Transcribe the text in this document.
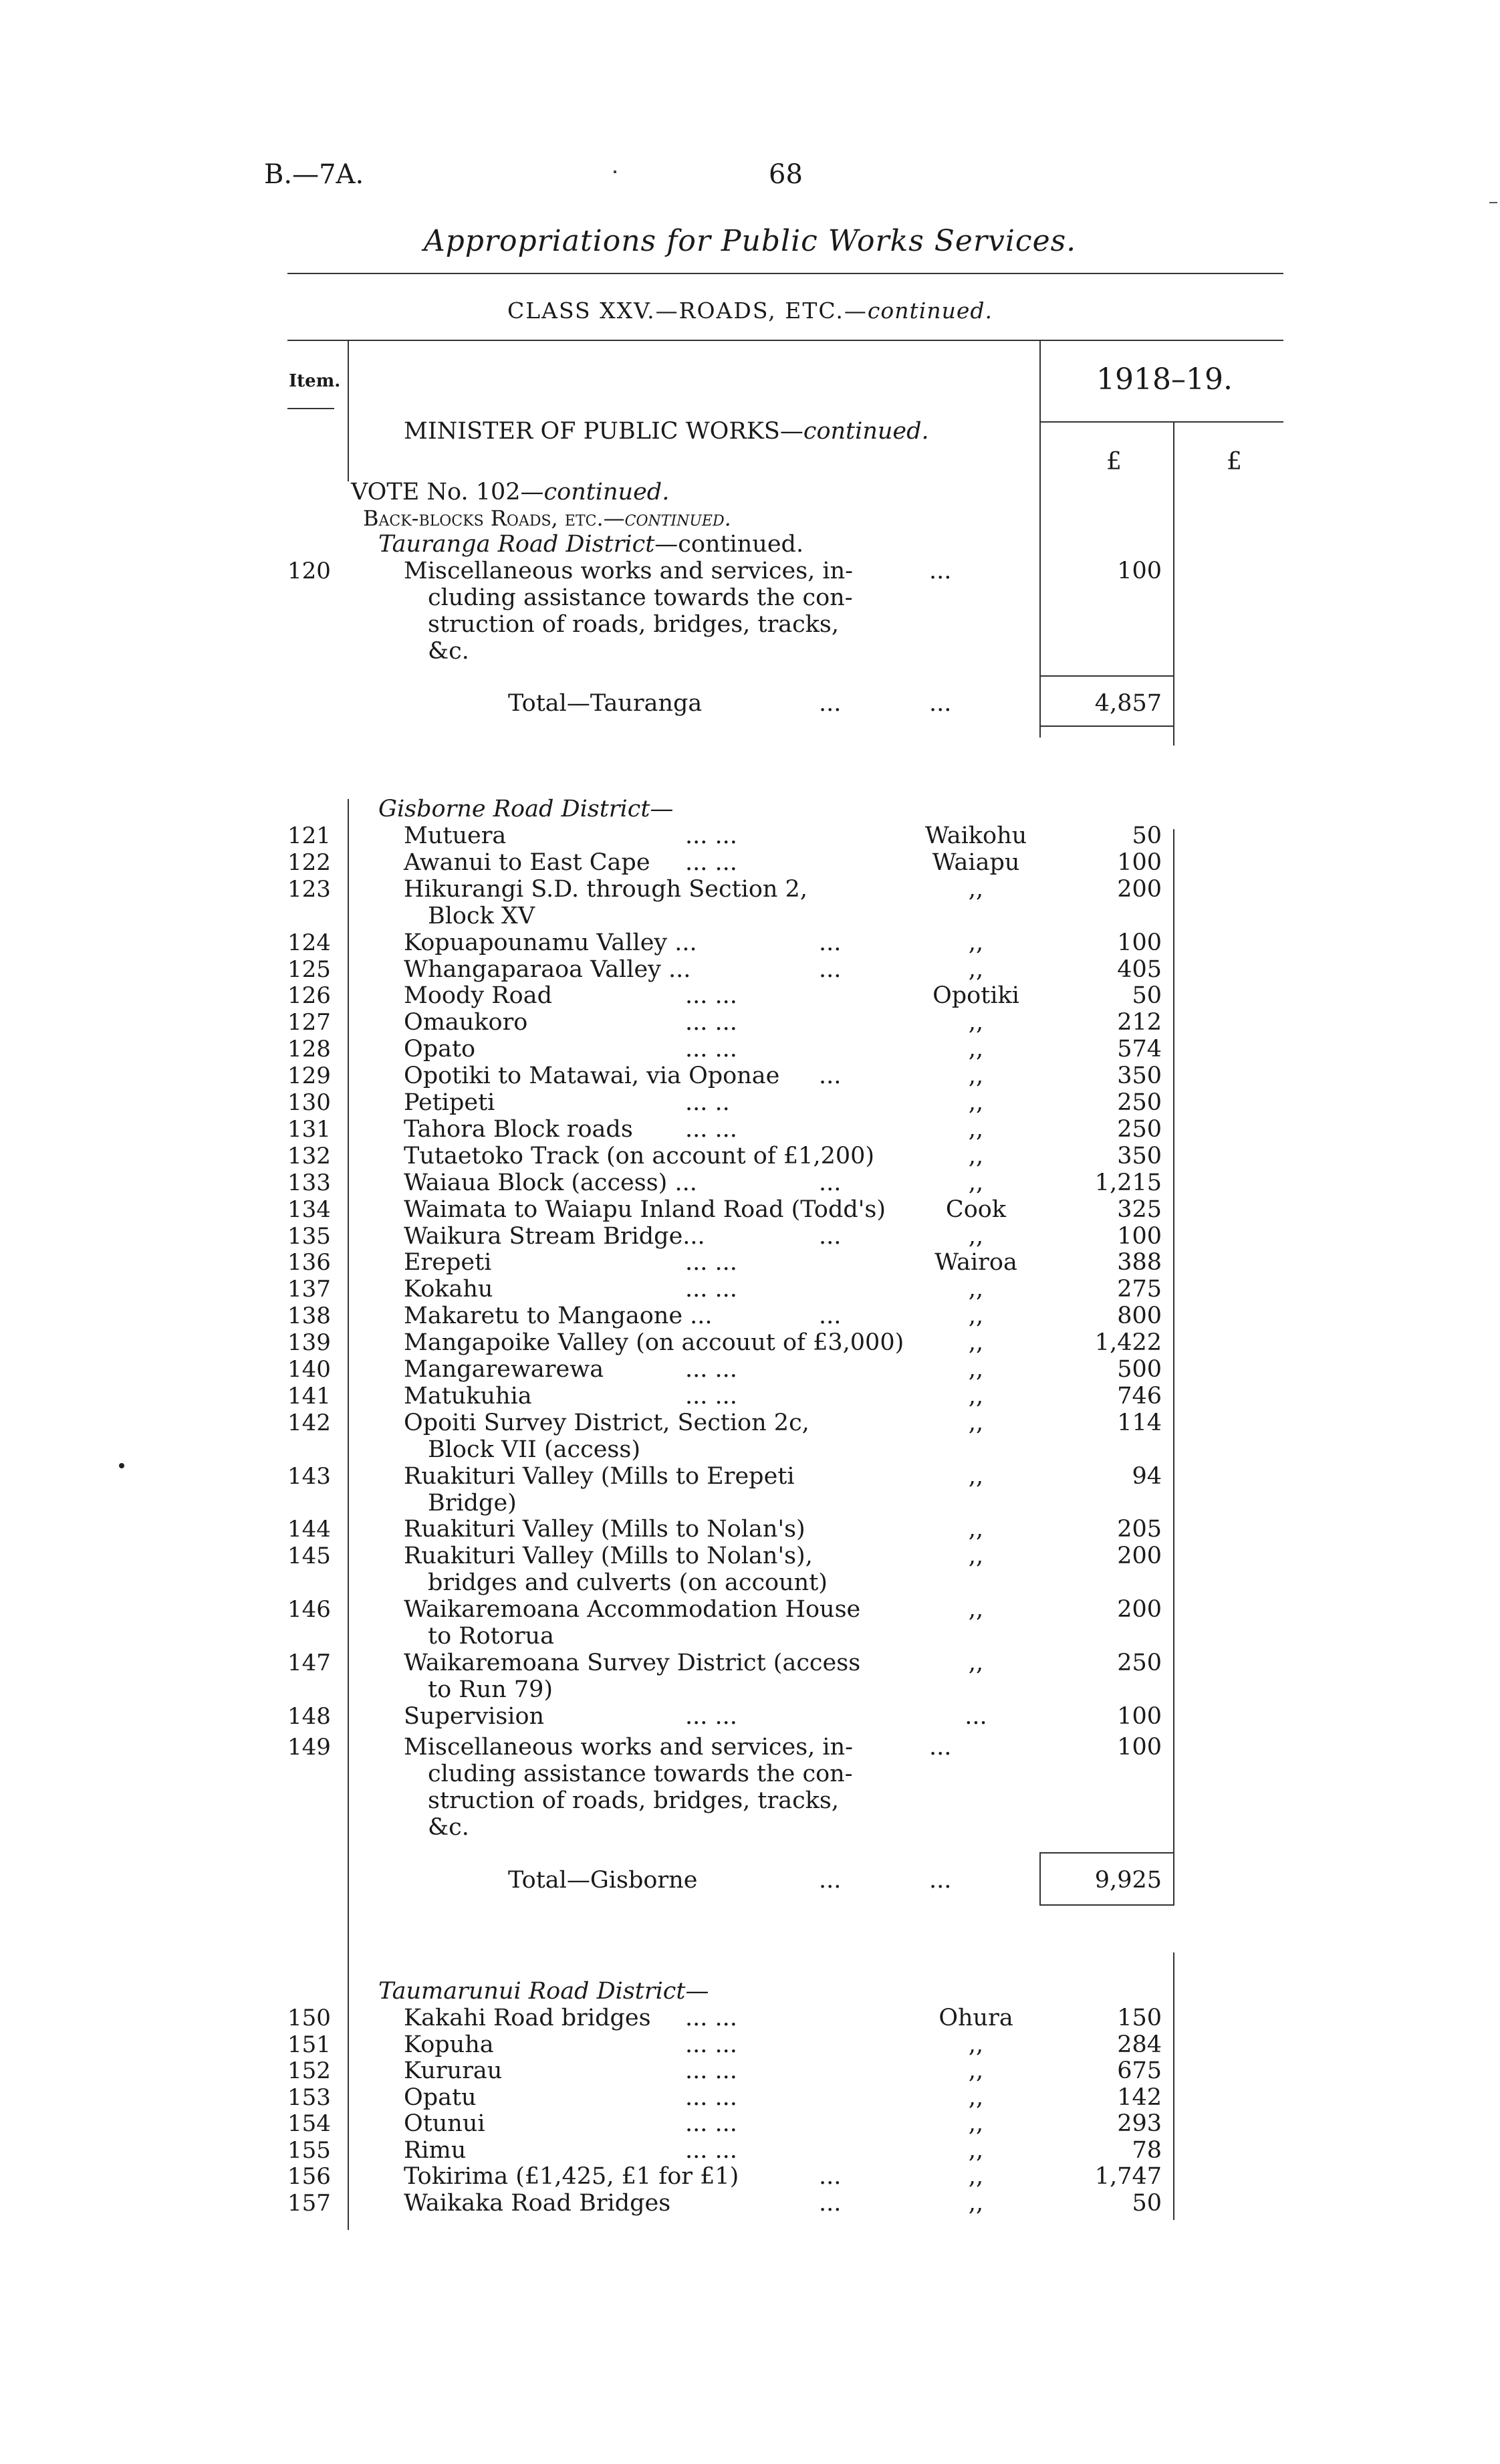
B.—7A.	68
Appropriations for Public Works Services.
CLASS XXV.—ROADS, ETC.—continued.
Item.	1918–19.
£	£
MINISTER OF PUBLIC WORKS—continued.
VOTE No. 102—continued.
Back-blocks Roads, etc.—continued.
Tauranga Road District—continued.
120	Miscellaneous works and services, in-
cluding assistance towards the con-
struction of roads, bridges, tracks,
&c.
...	100
Total—Tauranga	...	...	4,857
Gisborne Road District—
121	Mutuera	... ...	Waikohu	50
122	Awanui to East Cape ... ...	Waiapu	100
123	Hikurangi S.D. through Section 2,
Block XV
,,	200
124	Kopuapounamu Valley ...	...	,,	100
125	Whangaparaoa Valley ...	...	,,	405
126	Moody Road	... ...	Opotiki	50
127	Omaukoro	... ...	,,	212
128	Opato	... ...	,,	574
129	Opotiki to Matawai, via Oponae ...	,,	350
130	Petipeti	... ..	,,	250
131	Tahora Block roads ... ...	,,	250
132	Tutaetoko Track (on account of £1,200)	,,	350
133	Waiaua Block (access) ...	...	,,	1,215
134	Waimata to Waiapu Inland Road (Todd's)	Cook	325
135	Waikura Stream Bridge...	...	,,	100
136	Erepeti	... ...	Wairoa	388
137	Kokahu	... ...	,,	275
138	Makaretu to Mangaone ...	...	,,	800
139	Mangapoike Valley (on accouut of £3,000)	,,	1,422
140	Mangarewarewa	... ...	,,	500
141	Matukuhia	... ...	,,	746
142	Opoiti Survey District, Section 2c,
Block VII (access)
,,	114
143	Ruakituri Valley (Mills to Erepeti
Bridge)
,,	94
144	Ruakituri Valley (Mills to Nolan's)	,,	205
145	Ruakituri Valley (Mills to Nolan's),
bridges and culverts (on account)
,,	200
146	Waikaremoana Accommodation House
to Rotorua
,,	200
147	Waikaremoana Survey District (access
to Run 79)
,,	250
148	Supervision	... ...	...	100
149	Miscellaneous works and services, in-
cluding assistance towards the con-
struction of roads, bridges, tracks,
&c.
...	100
Total—Gisborne	...	...	9,925
Taumarunui Road District—
150	Kakahi Road bridges ... ...	Ohura	150
151	Kopuha	... ...	,,	284
152	Kururau	... ...	,,	675
153	Opatu	... ...	,,	142
154	Otunui	... ...	,,	293
155	Rimu	... ...	,,	78
156	Tokirima (£1,425, £1 for £1)	...	,,	1,747
157	Waikaka Road Bridges	...	,,	50
